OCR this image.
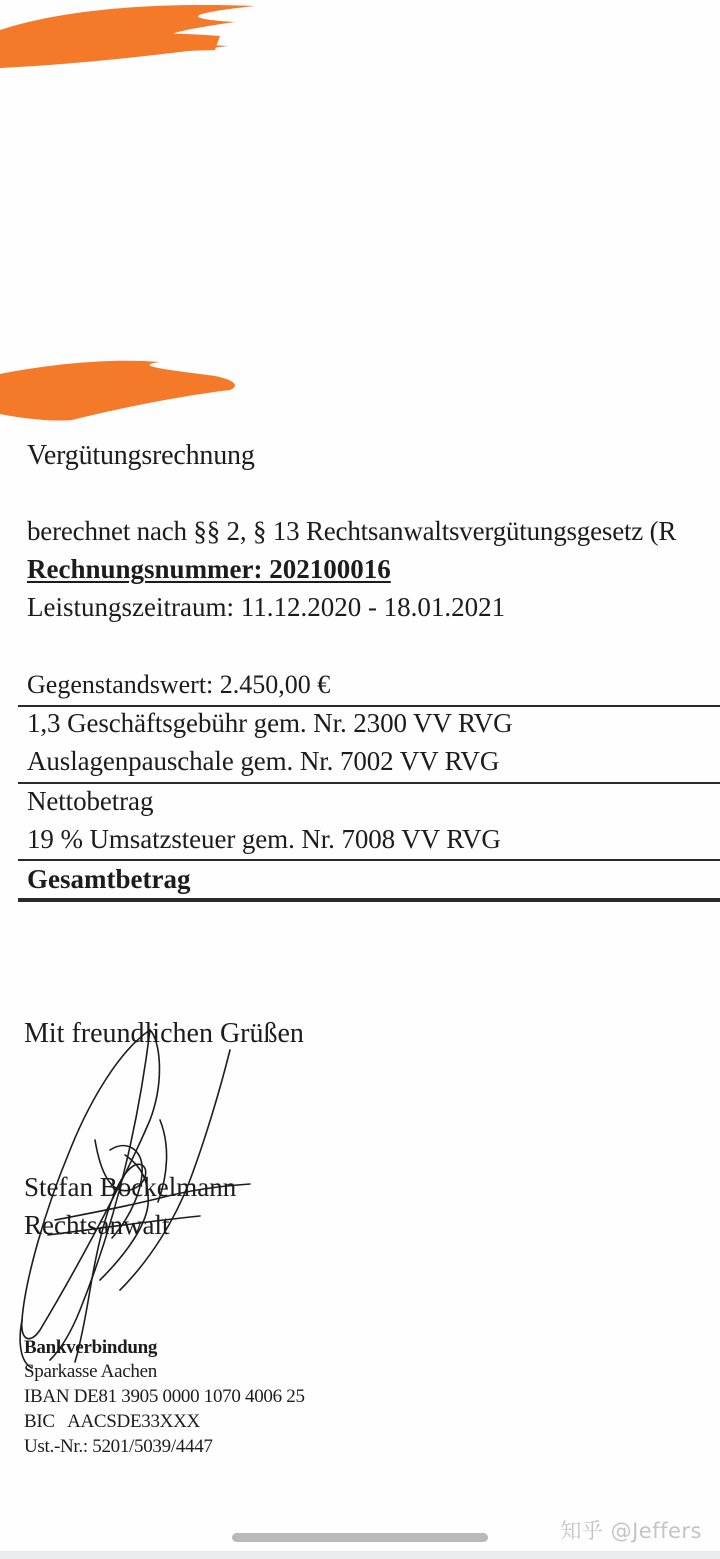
Vergütungsrechnung
berechnet nach §§ 2, § 13 Rechtsanwaltsvergütungsgesetz (R
Rechnungsnummer: 202100016
Leistungszeitraum: 11.12.2020 - 18.01.2021
Gegenstandswert: 2.450,00 €
1,3 Geschäftsgebühr gem. Nr. 2300 VV RVG
Auslagenpauschale gem. Nr. 7002 VV RVG
Nettobetrag
19 % Umsatzsteuer gem. Nr. 7008 VV RVG
Gesamtbetrag
Mit freundlichen Grüßen
Stefan Bockelmann
Rechtsanwalt
Bankverbindung
Sparkasse Aachen
IBAN DE81 3905 0000 1070 4006 25
BIC   AACSDE33XXX
Ust.-Nr.: 5201/5039/4447
知乎 @Jeffers
